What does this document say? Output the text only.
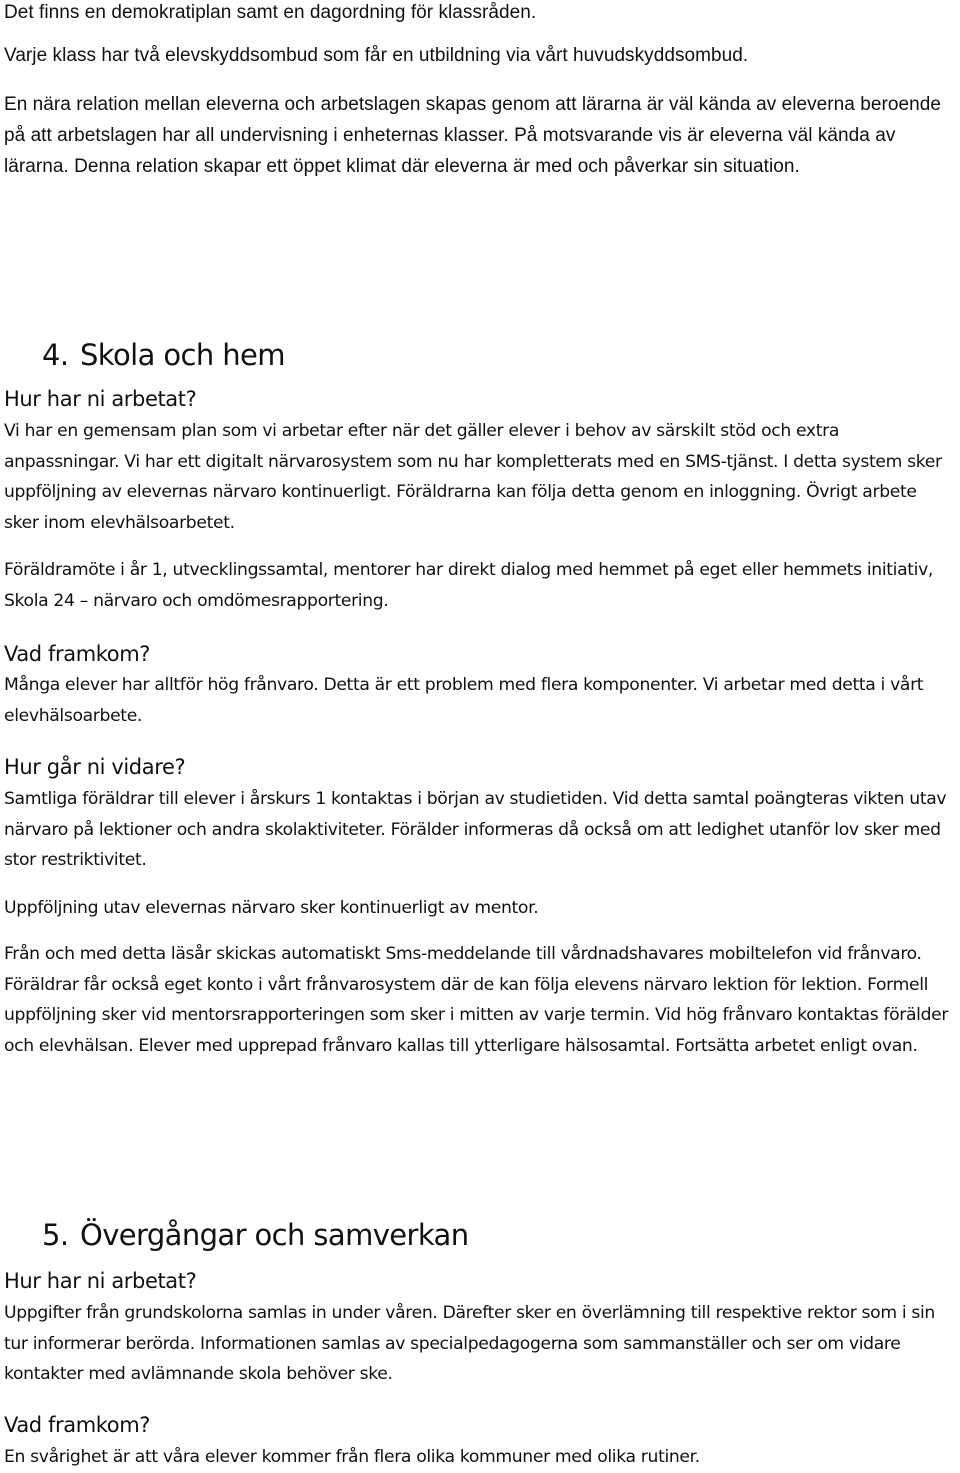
Det finns en demokratiplan samt en dagordning för klassråden.

Varje klass har två elevskyddsombud som får en utbildning via vårt huvudskyddsombud.

En nära relation mellan eleverna och arbetslagen skapas genom att lärarna är väl kända av eleverna beroende på att arbetslagen har all undervisning i enheternas klasser. På motsvarande vis är eleverna väl kända av lärarna. Denna relation skapar ett öppet klimat där eleverna är med och påverkar sin situation.

4. Skola och hem
Hur har ni arbetat?

Vi har en gemensam plan som vi arbetar efter när det gäller elever i behov av särskilt stöd och extra anpassningar. Vi har ett digitalt närvarosystem som nu har kompletterats med en SMS-tjänst. I detta system sker uppföljning av elevernas närvaro kontinuerligt. Föräldrarna kan följa detta genom en inloggning. Övrigt arbete sker inom elevhälsoarbetet.

Föräldramöte i år 1, utvecklingssamtal, mentorer har direkt dialog med hemmet på eget eller hemmets initiativ, Skola 24 – närvaro och omdömesrapportering.

Vad framkom?

Många elever har alltför hög frånvaro. Detta är ett problem med flera komponenter. Vi arbetar med detta i vårt elevhälsoarbete.

Hur går ni vidare?

Samtliga föräldrar till elever i årskurs 1 kontaktas i början av studietiden. Vid detta samtal poängteras vikten utav närvaro på lektioner och andra skolaktiviteter. Förälder informeras då också om att ledighet utanför lov sker med stor restriktivitet.

Uppföljning utav elevernas närvaro sker kontinuerligt av mentor.

Från och med detta läsår skickas automatiskt Sms-meddelande till vårdnadshavares mobiltelefon vid frånvaro. Föräldrar får också eget konto i vårt frånvarosystem där de kan följa elevens närvaro lektion för lektion. Formell uppföljning sker vid mentorsrapporteringen som sker i mitten av varje termin. Vid hög frånvaro kontaktas förälder och elevhälsan. Elever med upprepad frånvaro kallas till ytterligare hälsosamtal. Fortsätta arbetet enligt ovan.

5. Övergångar och samverkan
Hur har ni arbetat?

Uppgifter från grundskolorna samlas in under våren. Därefter sker en överlämning till respektive rektor som i sin tur informerar berörda. Informationen samlas av specialpedagogerna som sammanställer och ser om vidare kontakter med avlämnande skola behöver ske.

Vad framkom?

En svårighet är att våra elever kommer från flera olika kommuner med olika rutiner.
